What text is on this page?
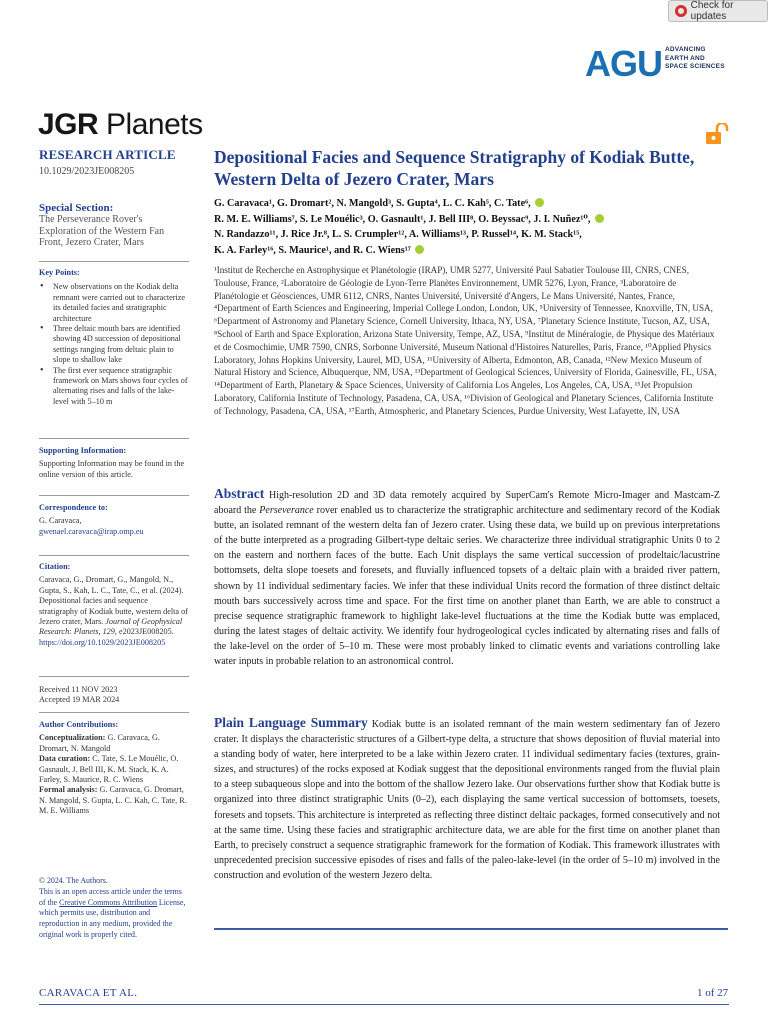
Check for updates
AGU ADVANCING
EARTH AND
SPACE SCIENCES
JGR Planets
RESEARCH ARTICLE
10.1029/2023JE008205
Special Section:
The Perseverance Rover's Exploration of the Western Fan Front, Jezero Crater, Mars
Key Points:
• New observations on the Kodiak delta remnant were carried out to characterize its detailed facies and stratigraphic architecture
• Three deltaic mouth bars are identified showing 4D succession of depositional settings ranging from deltaic plain to slope to shallow lake
• The first ever sequence stratigraphic framework on Mars shows four cycles of alternating rises and falls of the lake-level with 5–10 m
Supporting Information:
Supporting Information may be found in the online version of this article.
Correspondence to:
G. Caravaca,
gwenael.caravaca@irap.omp.eu
Citation:
Caravaca, G., Dromart, G., Mangold, N., Gupta, S., Kah, L. C., Tate, C., et al. (2024). Depositional facies and sequence stratigraphy of Kodiak butte, western delta of Jezero crater, Mars. Journal of Geophysical Research: Planets, 129, e2023JE008205. https://doi.org/10.1029/2023JE008205
Received 11 NOV 2023
Accepted 19 MAR 2024
Author Contributions:
Conceptualization: G. Caravaca, G. Dromart, N. Mangold
Data curation: C. Tate, S. Le Mouélic, O. Gasnault, J. Bell III, K. M. Stack, K. A. Farley, S. Maurice, R. C. Wiens
Formal analysis: G. Caravaca, G. Dromart, N. Mangold, S. Gupta, L. C. Kah, C. Tate, R. M. E. Williams
© 2024. The Authors.
This is an open access article under the terms of the Creative Commons Attribution License, which permits use, distribution and reproduction in any medium, provided the original work is properly cited.
Depositional Facies and Sequence Stratigraphy of Kodiak Butte, Western Delta of Jezero Crater, Mars
G. Caravaca¹, G. Dromart², N. Mangold³, S. Gupta⁴, L. C. Kah⁵, C. Tate⁶,
R. M. E. Williams⁷, S. Le Mouélic³, O. Gasnault¹, J. Bell III⁸, O. Beyssac⁹, J. I. Nuñez¹⁰,
N. Randazzo¹¹, J. Rice Jr.⁸, L. S. Crumpler¹², A. Williams¹³, P. Russel¹⁴, K. M. Stack¹⁵,
K. A. Farley¹⁶, S. Maurice¹, and R. C. Wiens¹⁷
¹Institut de Recherche en Astrophysique et Planétologie (IRAP), UMR 5277, Université Paul Sabatier Toulouse III, CNRS, CNES, Toulouse, France, ²Laboratoire de Géologie de Lyon-Terre Planètes Environnement, UMR 5276, Lyon, France, ³Laboratoire de Planétologie et Géosciences, UMR 6112, CNRS, Nantes Université, Université d'Angers, Le Mans Université, Nantes, France, ⁴Department of Earth Sciences and Engineering, Imperial College London, London, UK, ⁵University of Tennessee, Knoxville, TN, USA, ⁶Department of Astronomy and Planetary Science, Cornell University, Ithaca, NY, USA, ⁷Planetary Science Institute, Tucson, AZ, USA, ⁸School of Earth and Space Exploration, Arizona State University, Tempe, AZ, USA, ⁹Institut de Minéralogie, de Physique des Matériaux et de Cosmochimie, UMR 7590, CNRS, Sorbonne Université, Museum National d'Histoires Naturelles, Paris, France, ¹⁰Applied Physics Laboratory, Johns Hopkins University, Laurel, MD, USA, ¹¹University of Alberta, Edmonton, AB, Canada, ¹²New Mexico Museum of Natural History and Science, Albuquerque, NM, USA, ¹³Department of Geological Sciences, University of Florida, Gainesville, FL, USA, ¹⁴Department of Earth, Planetary & Space Sciences, University of California Los Angeles, Los Angeles, CA, USA, ¹⁵Jet Propulsion Laboratory, California Institute of Technology, Pasadena, CA, USA, ¹⁶Division of Geological and Planetary Sciences, California Institute of Technology, Pasadena, CA, USA, ¹⁷Earth, Atmospheric, and Planetary Sciences, Purdue University, West Lafayette, IN, USA
Abstract High-resolution 2D and 3D data remotely acquired by SuperCam's Remote Micro-Imager and Mastcam-Z aboard the Perseverance rover enabled us to characterize the stratigraphic architecture and sedimentary record of the Kodiak butte, an isolated remnant of the western delta fan of Jezero crater. Using these data, we build up on previous interpretations of the butte interpreted as a prograding Gilbert-type deltaic series. We characterize three individual stratigraphic Units 0 to 2 on the eastern and northern faces of the butte. Each Unit displays the same vertical succession of prodeltaic/lacustrine bottomsets, delta slope toesets and foresets, and fluvially influenced topsets of a deltaic plain with a braided river pattern, shown by 11 individual sedimentary facies. We infer that these individual Units record the formation of three distinct deltaic mouth bars successively across time and space. For the first time on another planet than Earth, we are able to construct a precise sequence stratigraphic framework to highlight lake-level fluctuations at the time the Kodiak butte was emplaced, during the latest stages of deltaic activity. We identify four hydrogeological cycles indicated by alternating rises and falls of the lake-level on the order of 5–10 m. These were most probably linked to climatic events and variations controlling lake water inputs in probable relation to an astronomical control.
Plain Language Summary Kodiak butte is an isolated remnant of the main western sedimentary fan of Jezero crater. It displays the characteristic structures of a Gilbert-type delta, a structure that shows deposition of fluvial material into a standing body of water, here interpreted to be a lake within Jezero crater. 11 individual sedimentary facies (textures, grain-sizes, and structures) of the rocks exposed at Kodiak suggest that the depositional environments ranged from the fluvial plain to a steep subaqueous slope and into the bottom of the shallow Jezero lake. Our observations further show that Kodiak butte is organized into three distinct stratigraphic Units (0–2), each displaying the same vertical succession of bottomsets, toesets, foresets and topsets. This architecture is interpreted as reflecting three distinct deltaic packages, formed consecutively and not at the same time. Using these facies and stratigraphic architecture data, we are able for the first time on another planet than Earth, to precisely construct a sequence stratigraphic framework for the formation of Kodiak. This framework illustrates with unprecedented precision successive episodes of rises and falls of the paleo-lake-level (in the order of 5–10 m) involved in the construction and evolution of the western Jezero delta.
CARAVACA ET AL.	1 of 27
